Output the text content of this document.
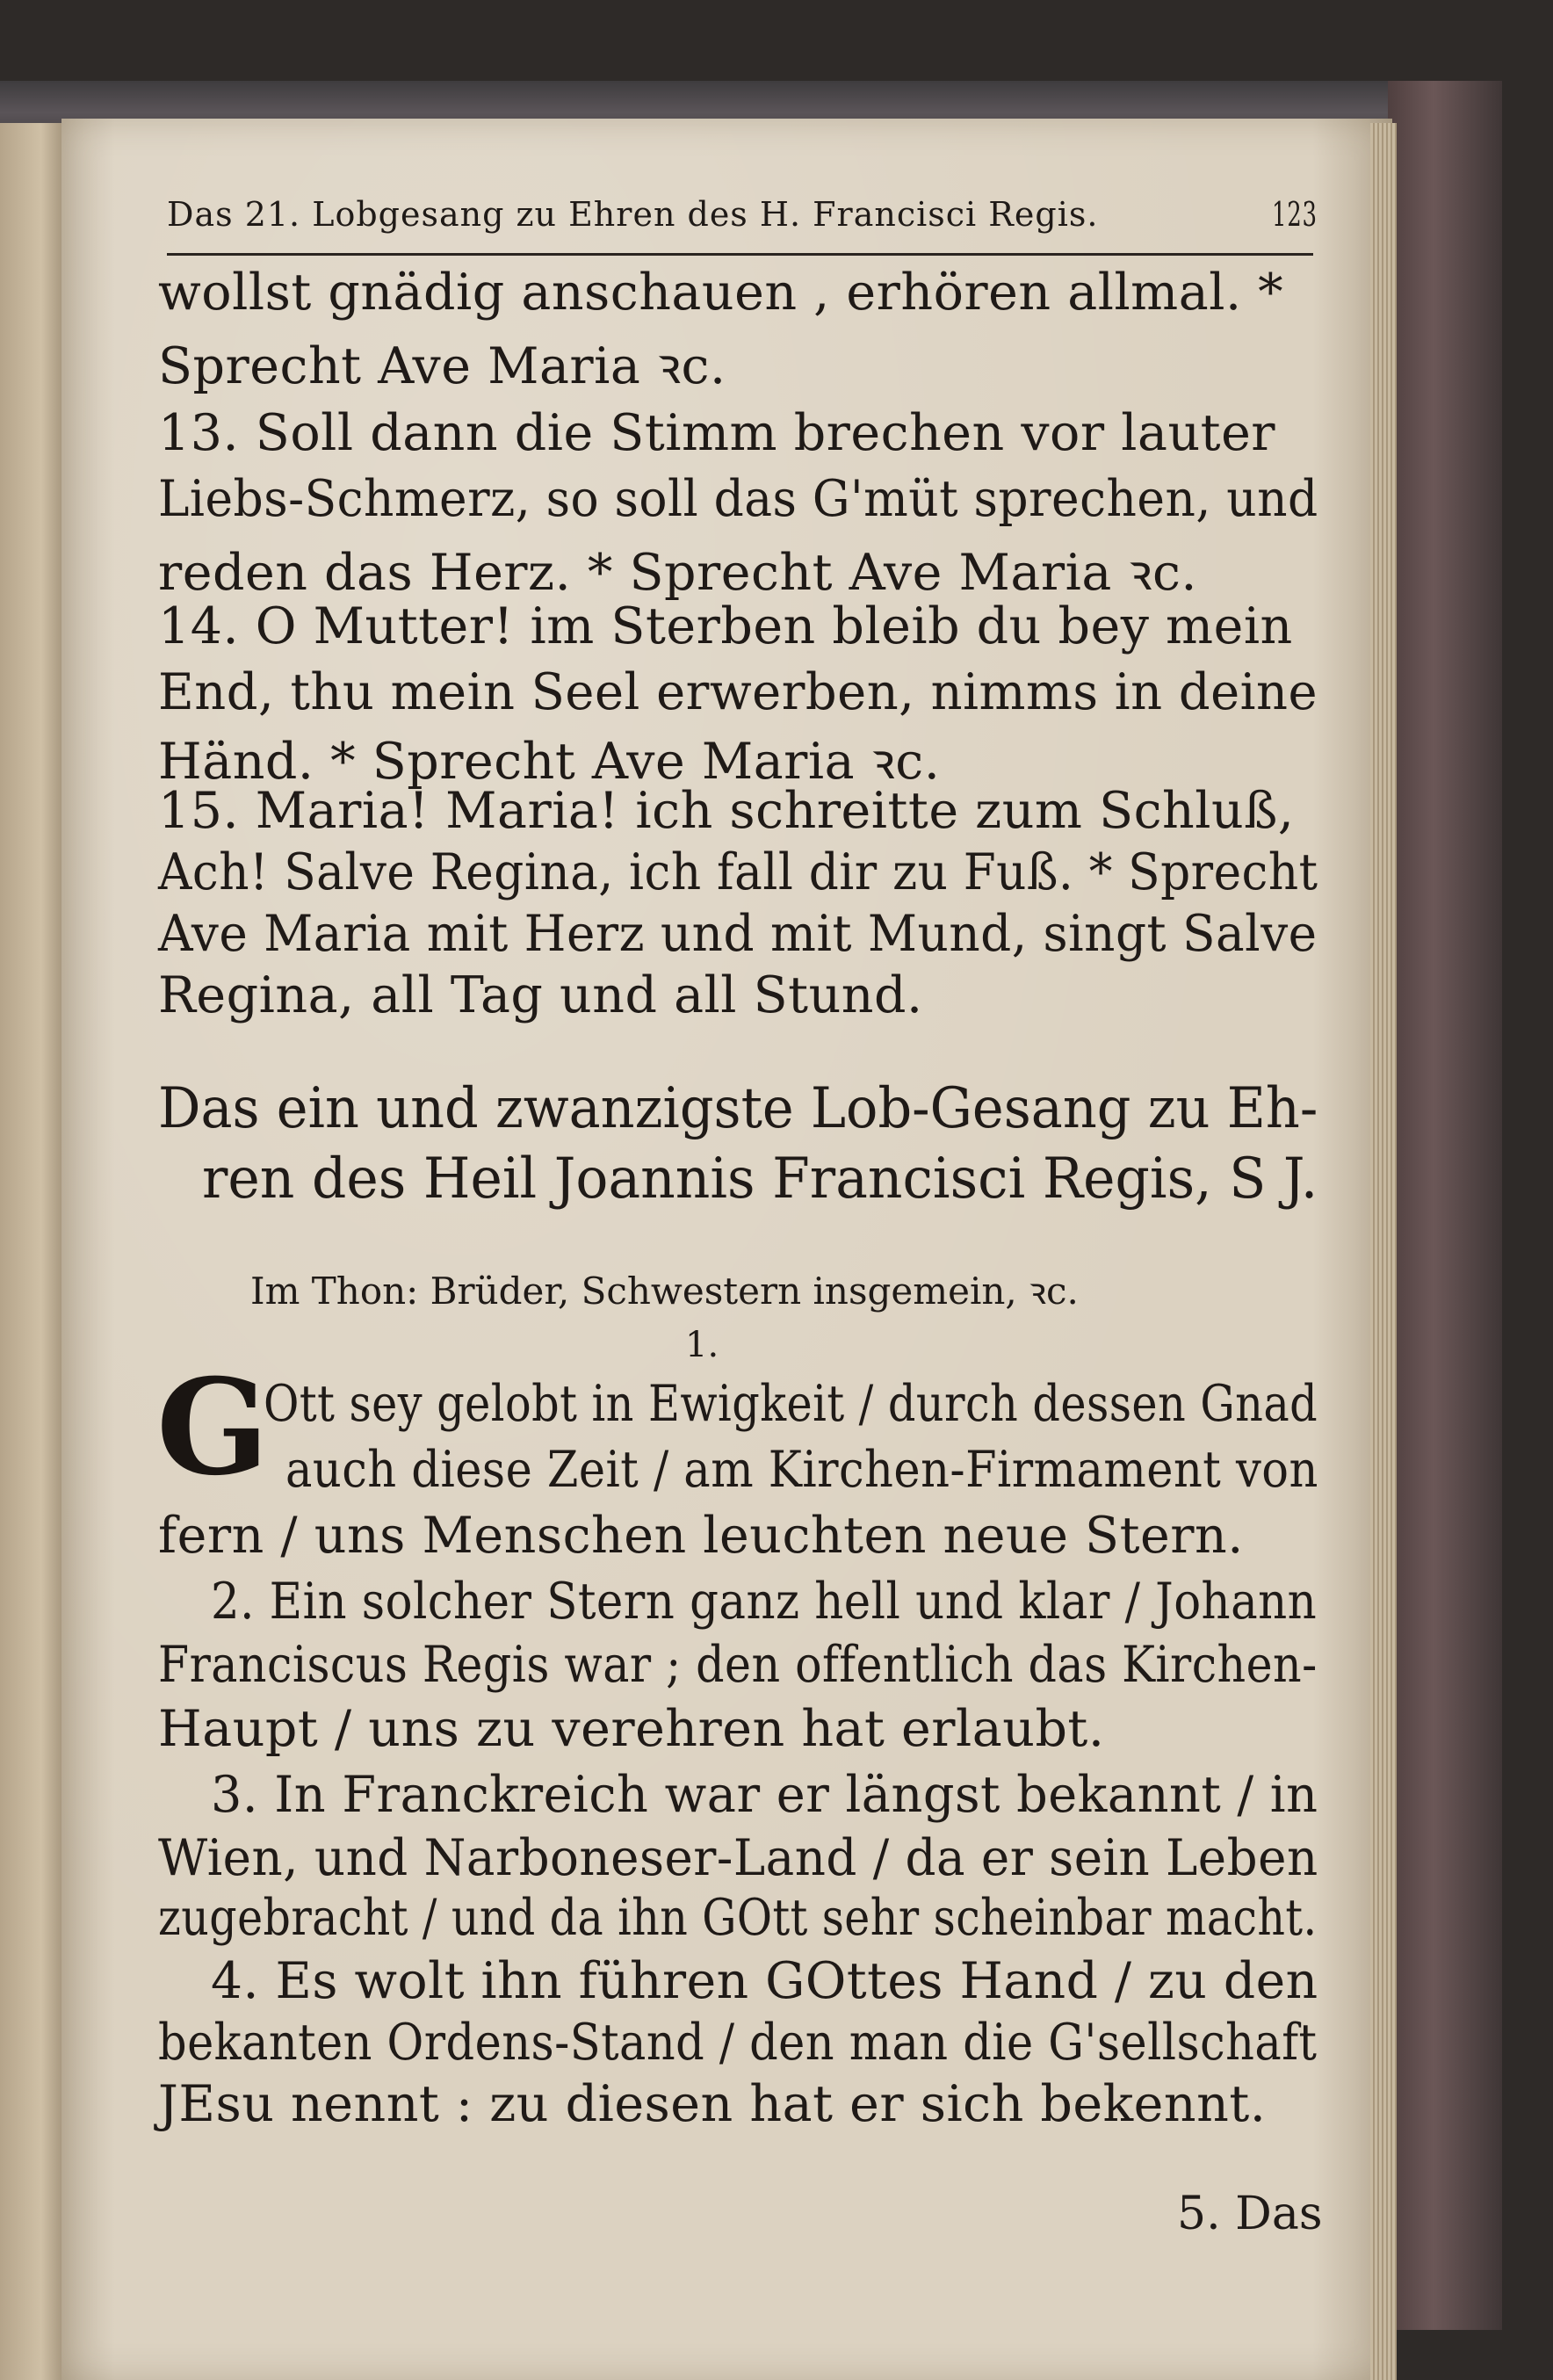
Das 21. Lobgesang zu Ehren des H. Francisci Regis.	123
wollst gnädig anschauen , erhören allmal. *
Sprecht Ave Maria ꝛc.
13. Soll dann die Stimm brechen vor lauter
Liebs-Schmerz, so soll das G'müt sprechen, und
reden das Herz. * Sprecht Ave Maria ꝛc.
14. O Mutter! im Sterben bleib du bey mein
End, thu mein Seel erwerben, nimms in deine
Händ. * Sprecht Ave Maria ꝛc.
15. Maria! Maria! ich schreitte zum Schluß,
Ach! Salve Regina, ich fall dir zu Fuß. * Sprecht
Ave Maria mit Herz und mit Mund, singt Salve
Regina, all Tag und all Stund.
Das ein und zwanzigste Lob-Gesang zu Eh-
ren des Heil Joannis Francisci Regis, S J.
Im Thon: Brüder, Schwestern insgemein, ꝛc.
1.
G
Ott sey gelobt in Ewigkeit / durch dessen Gnad
auch diese Zeit / am Kirchen-Firmament von
fern / uns Menschen leuchten neue Stern.
2. Ein solcher Stern ganz hell und klar / Johann
Franciscus Regis war ; den offentlich das Kirchen-
Haupt / uns zu verehren hat erlaubt.
3. In Franckreich war er längst bekannt / in
Wien, und Narboneser-Land / da er sein Leben
zugebracht / und da ihn GOtt sehr scheinbar macht.
4. Es wolt ihn führen GOttes Hand / zu den
bekanten Ordens-Stand / den man die G'sellschaft
JEsu nennt : zu diesen hat er sich bekennt.
5. Das
